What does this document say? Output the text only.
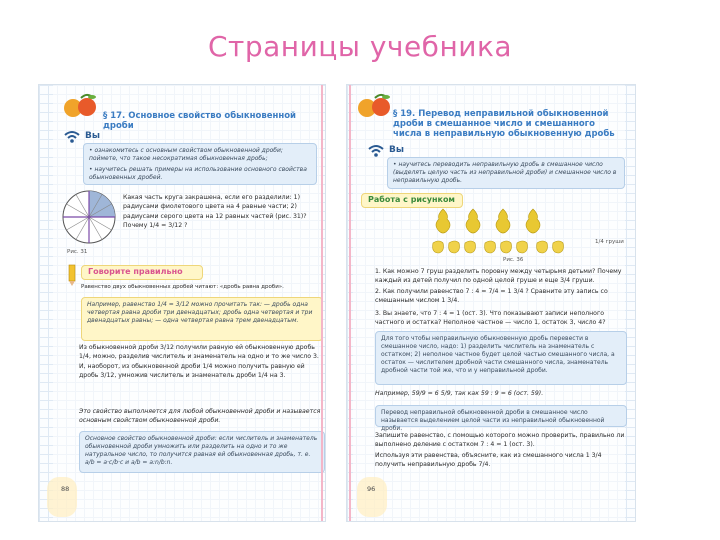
Страницы учебника
§ 17. Основное свойство обыкновенной дроби
Вы
• ознакомитесь с основным свойством обыкновенной дроби; поймете, что такое несократимая обыкновенная дробь;
• научитесь решать примеры на использование основного свойства обыкновенных дробей.
Рис. 31
Какая часть круга закрашена, если его разделили: 1) радиусами фиолетового цвета на 4 равные части; 2) радиусами серого цвета на 12 равных частей (рис. 31)? Почему 1/4 = 3/12 ?
Говорите правильно
Равенство двух обыкновенных дробей читают: «дробь равна дроби».
Например, равенство 1/4 = 3/12 можно прочитать так: — дробь одна четвертая равна дроби три двенадцатых; дробь одна четвертая и три двенадцатых равны; — одна четвертая равна трем двенадцатым.
Из обыкновенной дроби 3/12 получили равную ей обыкновенную дробь 1/4, можно, разделив числитель и знаменатель на одно и то же число 3. И, наоборот, из обыкновенной дроби 1/4 можно получить равную ей дробь 3/12, умножив числитель и знаменатель дроби 1/4 на 3.
Это свойство выполняется для любой обыкновенной дроби и называется основным свойством обыкновенной дроби.
Основное свойство обыкновенной дроби: если числитель и знаменатель обыкновенной дроби умножить или разделить на одно и то же натуральное число, то получится равная ей обыкновенная дробь, т. е. a/b = a·c/b·c и a/b = a:n/b:n.
88
§ 19. Перевод неправильной обыкновенной дроби в смешанное число и смешанного числа в неправильную обыкновенную дробь
Вы
• научитесь переводить неправильную дробь в смешанное число (выделять целую часть из неправильной дроби) и смешанное число в неправильную дробь.
Работа с рисунком
1/4 груши
Рис. 36
1. Как можно 7 груш разделить поровну между четырьмя детьми? Почему каждый из детей получил по одной целой груше и еще 3/4 груши.
2. Как получили равенство 7 : 4 = 7/4 = 1 3/4 ? Сравните эту запись со смешанным числом 1 3/4.
3. Вы знаете, что 7 : 4 = 1 (ост. 3). Что показывают записи неполного частного и остатка? Неполное частное — число 1, остаток 3, число 4?
Для того чтобы неправильную обыкновенную дробь перевести в смешанное число, надо: 1) разделить числитель на знаменатель с остатком; 2) неполное частное будет целой частью смешанного числа, а остаток — числителем дробной части смешанного числа, знаменатель дробной части той же, что и у неправильной дроби.
Например, 59/9 = 6 5/9, так как 59 : 9 = 6 (ост. 59).
Перевод неправильной обыкновенной дроби в смешанное число называется выделением целой части из неправильной обыкновенной дроби.
Запишите равенство, с помощью которого можно проверить, правильно ли выполнено деление с остатком 7 : 4 = 1 (ост. 3).
Используя эти равенства, объясните, как из смешанного числа 1 3/4 получить неправильную дробь 7/4.
96
